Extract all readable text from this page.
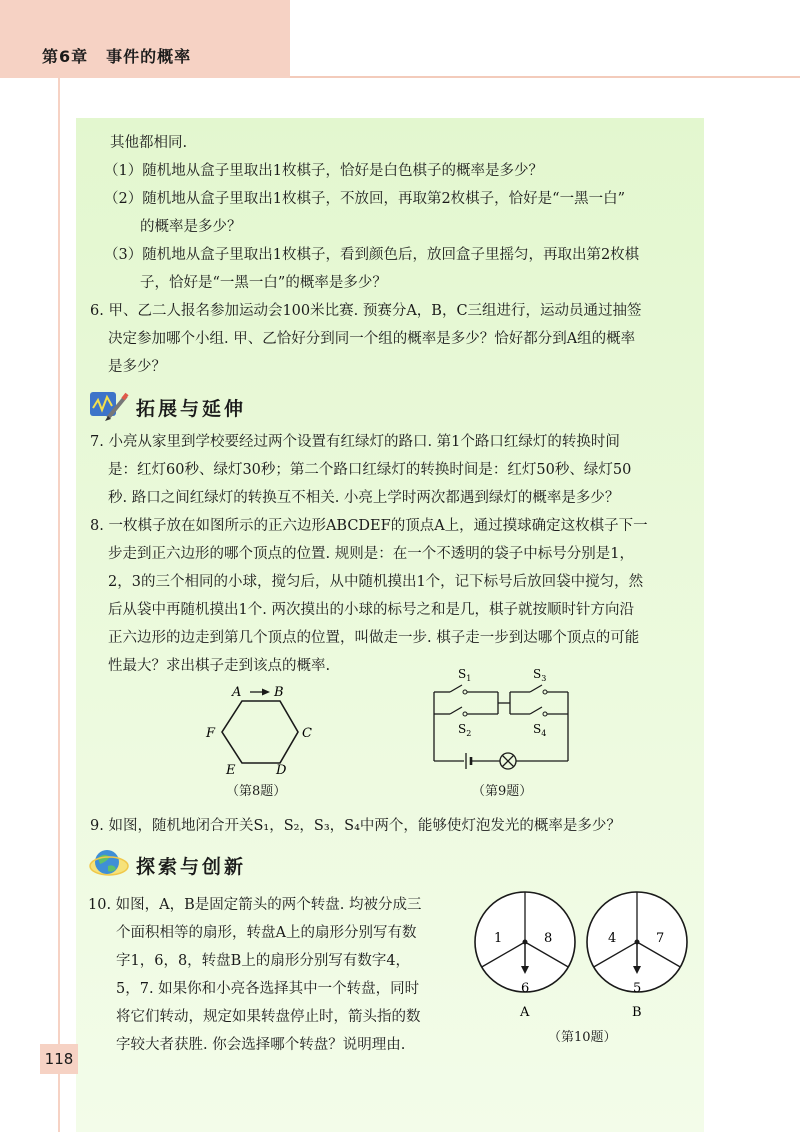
第6章 事件的概率
其他都相同.
（1）随机地从盒子里取出1枚棋子，恰好是白色棋子的概率是多少？
（2）随机地从盒子里取出1枚棋子，不放回，再取第2枚棋子，恰好是“一黑一白”
的概率是多少？
（3）随机地从盒子里取出1枚棋子，看到颜色后，放回盒子里摇匀，再取出第2枚棋
子，恰好是“一黑一白”的概率是多少？
6. 甲、乙二人报名参加运动会100米比赛. 预赛分A，B，C三组进行，运动员通过抽签
决定参加哪个小组. 甲、乙恰好分到同一个组的概率是多少？恰好都分到A组的概率
是多少？
拓展与延伸
7. 小亮从家里到学校要经过两个设置有红绿灯的路口. 第1个路口红绿灯的转换时间
是：红灯60秒、绿灯30秒；第二个路口红绿灯的转换时间是：红灯50秒、绿灯50
秒. 路口之间红绿灯的转换互不相关. 小亮上学时两次都遇到绿灯的概率是多少？
8. 一枚棋子放在如图所示的正六边形ABCDEF的顶点A上，通过摸球确定这枚棋子下一
步走到正六边形的哪个顶点的位置. 规则是：在一个不透明的袋子中标号分别是1，
2，3的三个相同的小球，搅匀后，从中随机摸出1个，记下标号后放回袋中搅匀，然
后从袋中再随机摸出1个. 两次摸出的小球的标号之和是几，棋子就按顺时针方向沿
正六边形的边走到第几个顶点的位置，叫做走一步. 棋子走一步到达哪个顶点的可能
性最大？求出棋子走到该点的概率.
A	B
C
D
E
F
（第8题）
$S_1$
$S_2$
$S_3$
$S_4$
（第9题）
9. 如图，随机地闭合开关S₁，S₂，S₃，S₄中两个，能够使灯泡发光的概率是多少？
探索与创新
10. 如图，A，B是固定箭头的两个转盘. 均被分成三
个面积相等的扇形，转盘A上的扇形分别写有数
字1，6，8，转盘B上的扇形分别写有数字4，
5，7. 如果你和小亮各选择其中一个转盘，同时
将它们转动，规定如果转盘停止时，箭头指的数
字较大者获胜. 你会选择哪个转盘？说明理由.
1	8
6
A
4	7
5
B
（第10题）
118
